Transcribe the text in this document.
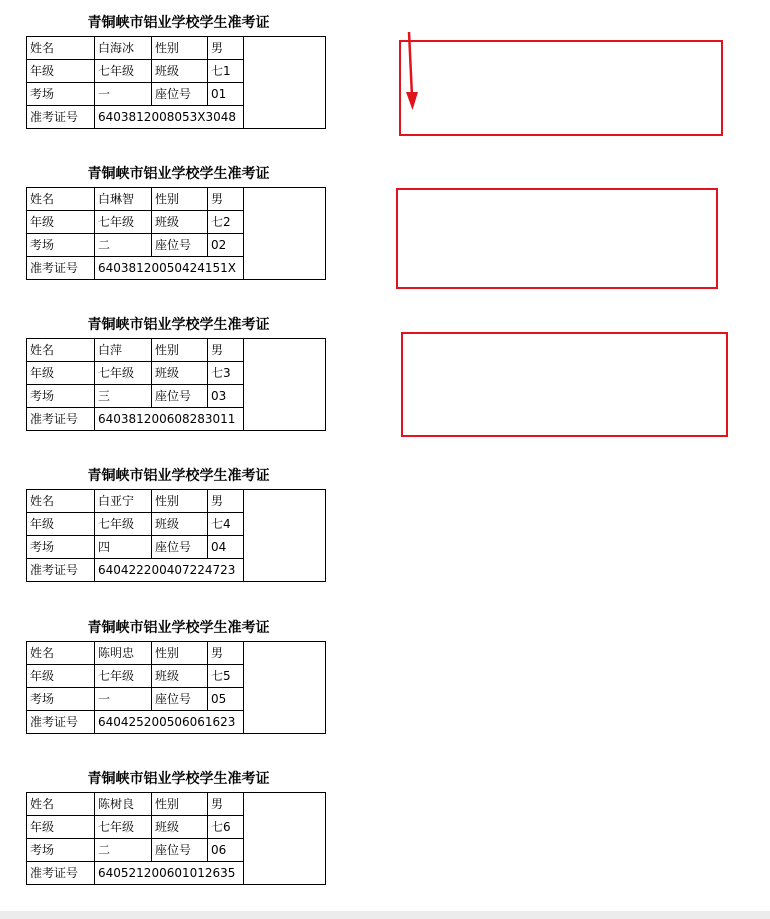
青铜峡市铝业学校学生准考证
姓名	白海冰	性别	男
年级	七年级	班级	七1
考场	一	座位号	01
准考证号	6403812008053X3048
青铜峡市铝业学校学生准考证
姓名	白琳智	性别	男
年级	七年级	班级	七2
考场	二	座位号	02
准考证号	64038120050424151X
青铜峡市铝业学校学生准考证
姓名	白萍	性别	男
年级	七年级	班级	七3
考场	三	座位号	03
准考证号	640381200608283011
青铜峡市铝业学校学生准考证
姓名	白亚宁	性别	男
年级	七年级	班级	七4
考场	四	座位号	04
准考证号	640422200407224723
青铜峡市铝业学校学生准考证
姓名	陈明忠	性别	男
年级	七年级	班级	七5
考场	一	座位号	05
准考证号	640425200506061623
青铜峡市铝业学校学生准考证
姓名	陈树良	性别	男
年级	七年级	班级	七6
考场	二	座位号	06
准考证号	640521200601012635
